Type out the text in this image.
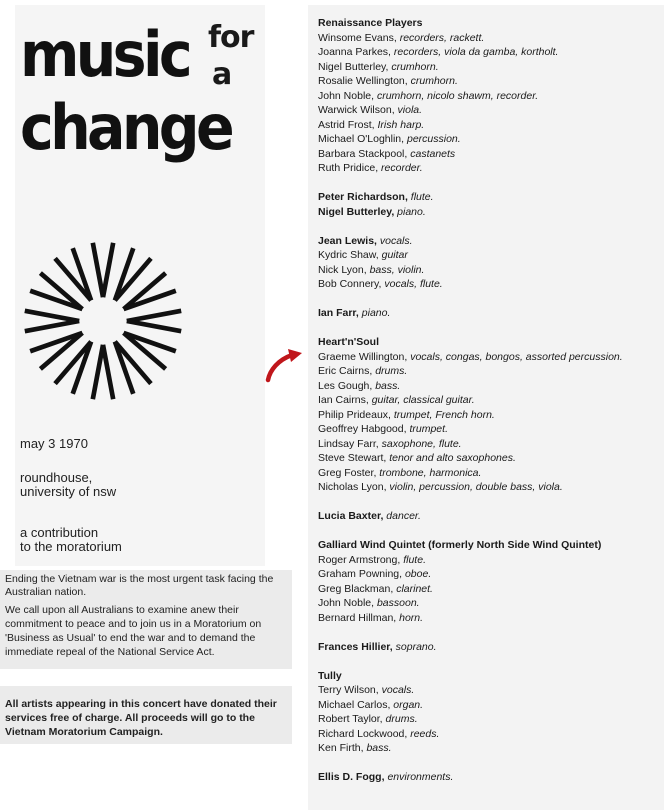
music for
a
change
may 3 1970
roundhouse,
university of nsw
a contribution
to the moratorium
Ending the Vietnam war is the most urgent task facing the
Australian nation.
We call upon all Australians to examine anew their
commitment to peace and to join us in a Moratorium on
'Business as Usual' to end the war and to demand the
immediate repeal of the National Service Act.
All artists appearing in this concert have donated their
services free of charge. All proceeds will go to the
Vietnam Moratorium Campaign.
Renaissance Players
Winsome Evans, recorders, rackett.
Joanna Parkes, recorders, viola da gamba, kortholt.
Nigel Butterley, crumhorn.
Rosalie Wellington, crumhorn.
John Noble, crumhorn, nicolo shawm, recorder.
Warwick Wilson, viola.
Astrid Frost, Irish harp.
Michael O'Loghlin, percussion.
Barbara Stackpool, castanets
Ruth Pridice, recorder.
Peter Richardson, flute.
Nigel Butterley, piano.
Jean Lewis, vocals.
Kydric Shaw, guitar
Nick Lyon, bass, violin.
Bob Connery, vocals, flute.
Ian Farr, piano.
Heart'n'Soul
Graeme Willington, vocals, congas, bongos, assorted percussion.
Eric Cairns, drums.
Les Gough, bass.
Ian Cairns, guitar, classical guitar.
Philip Prideaux, trumpet, French horn.
Geoffrey Habgood, trumpet.
Lindsay Farr, saxophone, flute.
Steve Stewart, tenor and alto saxophones.
Greg Foster, trombone, harmonica.
Nicholas Lyon, violin, percussion, double bass, viola.
Lucia Baxter, dancer.
Galliard Wind Quintet (formerly North Side Wind Quintet)
Roger Armstrong, flute.
Graham Powning, oboe.
Greg Blackman, clarinet.
John Noble, bassoon.
Bernard Hillman, horn.
Frances Hillier, soprano.
Tully
Terry Wilson, vocals.
Michael Carlos, organ.
Robert Taylor, drums.
Richard Lockwood, reeds.
Ken Firth, bass.
Ellis D. Fogg, environments.
